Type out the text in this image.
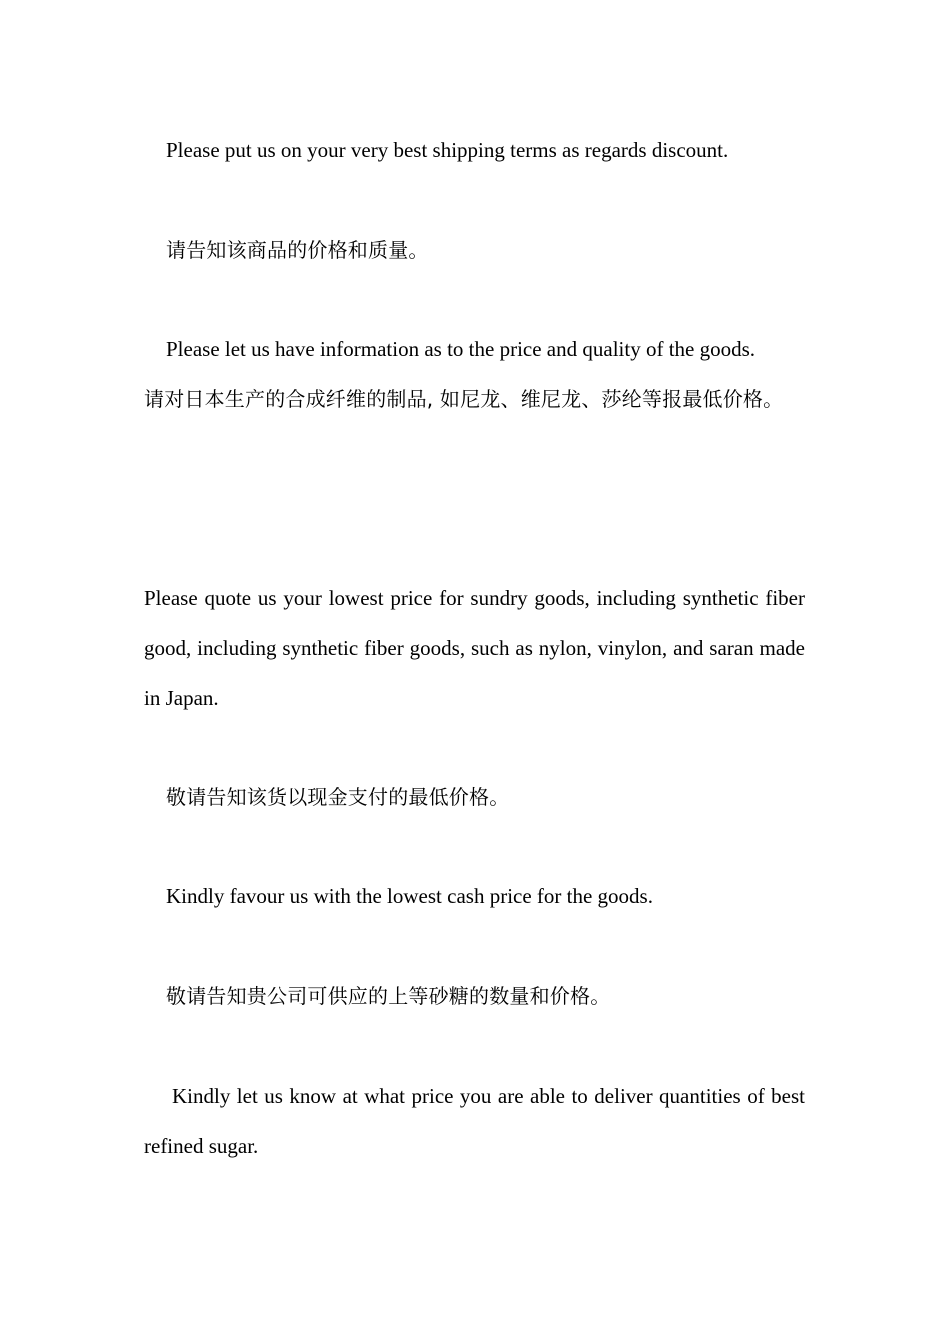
Please put us on your very best shipping terms as regards discount.

请告知该商品的价格和质量。

Please let us have information as to the price and quality of the goods.

请对日本生产的合成纤维的制品, 如尼龙、维尼龙、莎纶等报最低价格。

Please quote us your lowest price for sundry goods, including synthetic fiber good, including synthetic fiber goods, such as nylon, vinylon, and saran made in Japan.

敬请告知该货以现金支付的最低价格。

Kindly favour us with the lowest cash price for the goods.

敬请告知贵公司可供应的上等砂糖的数量和价格。

Kindly let us know at what price you are able to deliver quantities of best refined sugar.
